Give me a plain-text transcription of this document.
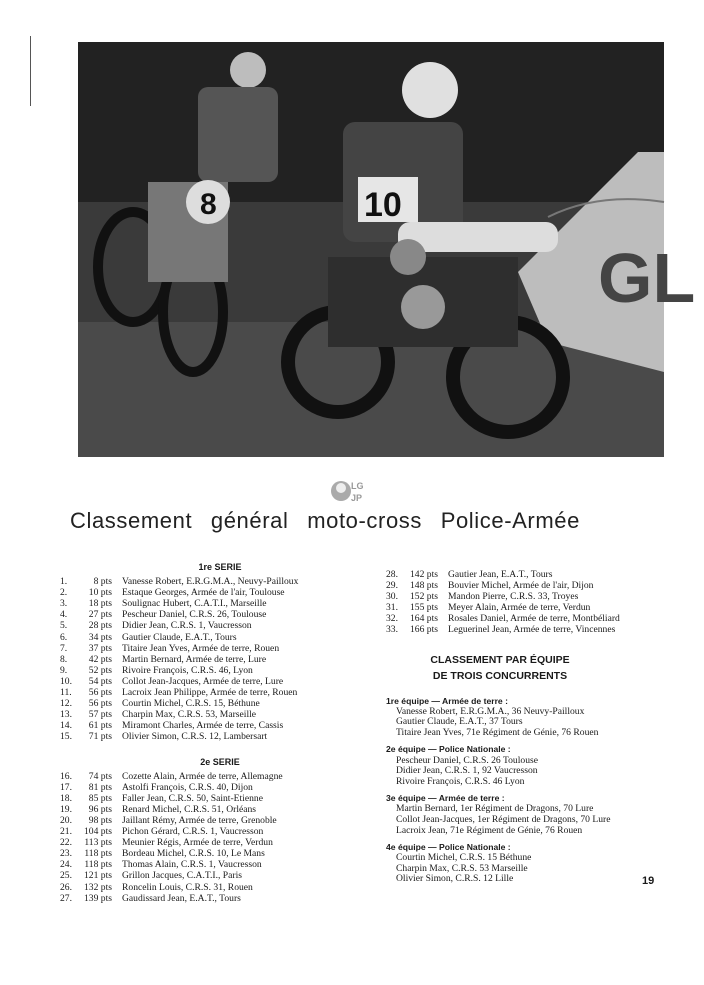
GL
8	10
LG
JP
Classement général moto-cross Police-Armée
1re SERIE
1.	8 pts	Vanesse Robert, E.R.G.M.A., Neuvy-Pailloux
2.	10 pts	Estaque Georges, Armée de l'air, Toulouse
3.	18 pts	Soulignac Hubert, C.A.T.I., Marseille
4.	27 pts	Pescheur Daniel, C.R.S. 26, Toulouse
5.	28 pts	Didier Jean, C.R.S. 1, Vaucresson
6.	34 pts	Gautier Claude, E.A.T., Tours
7.	37 pts	Titaire Jean Yves, Armée de terre, Rouen
8.	42 pts	Martin Bernard, Armée de terre, Lure
9.	52 pts	Rivoire François, C.R.S. 46, Lyon
10.	54 pts	Collot Jean-Jacques, Armée de terre, Lure
11.	56 pts	Lacroix Jean Philippe, Armée de terre, Rouen
12.	56 pts	Courtin Michel, C.R.S. 15, Béthune
13.	57 pts	Charpin Max, C.R.S. 53, Marseille
14.	61 pts	Miramont Charles, Armée de terre, Cassis
15.	71 pts	Olivier Simon, C.R.S. 12, Lambersart
2e SERIE
16.	74 pts	Cozette Alain, Armée de terre, Allemagne
17.	81 pts	Astolfi François, C.R.S. 40, Dijon
18.	85 pts	Faller Jean, C.R.S. 50, Saint-Etienne
19.	96 pts	Renard Michel, C.R.S. 51, Orléans
20.	98 pts	Jaillant Rémy, Armée de terre, Grenoble
21.	104 pts	Pichon Gérard, C.R.S. 1, Vaucresson
22.	113 pts	Meunier Régis, Armée de terre, Verdun
23.	118 pts	Bordeau Michel, C.R.S. 10, Le Mans
24.	118 pts	Thomas Alain, C.R.S. 1, Vaucresson
25.	121 pts	Grillon Jacques, C.A.T.I., Paris
26.	132 pts	Roncelin Louis, C.R.S. 31, Rouen
27.	139 pts	Gaudissard Jean, E.A.T., Tours
28.	142 pts	Gautier Jean, E.A.T., Tours
29.	148 pts	Bouvier Michel, Armée de l'air, Dijon
30.	152 pts	Mandon Pierre, C.R.S. 33, Troyes
31.	155 pts	Meyer Alain, Armée de terre, Verdun
32.	164 pts	Rosales Daniel, Armée de terre, Montbéliard
33.	166 pts	Leguerinel Jean, Armée de terre, Vincennes
CLASSEMENT PAR ÉQUIPE
DE TROIS CONCURRENTS
1re équipe — Armée de terre :
Vanesse Robert, E.R.G.M.A., 36 Neuvy-Pailloux
Gautier Claude, E.A.T., 37 Tours
Titaire Jean Yves, 71e Régiment de Génie, 76 Rouen
2e équipe — Police Nationale :
Pescheur Daniel, C.R.S. 26 Toulouse
Didier Jean, C.R.S. 1, 92 Vaucresson
Rivoire François, C.R.S. 46 Lyon
3e équipe — Armée de terre :
Martin Bernard, 1er Régiment de Dragons, 70 Lure
Collot Jean-Jacques, 1er Régiment de Dragons, 70 Lure
Lacroix Jean, 71e Régiment de Génie, 76 Rouen
4e équipe — Police Nationale :
Courtin Michel, C.R.S. 15 Béthune
Charpin Max, C.R.S. 53 Marseille
Olivier Simon, C.R.S. 12 Lille	19
